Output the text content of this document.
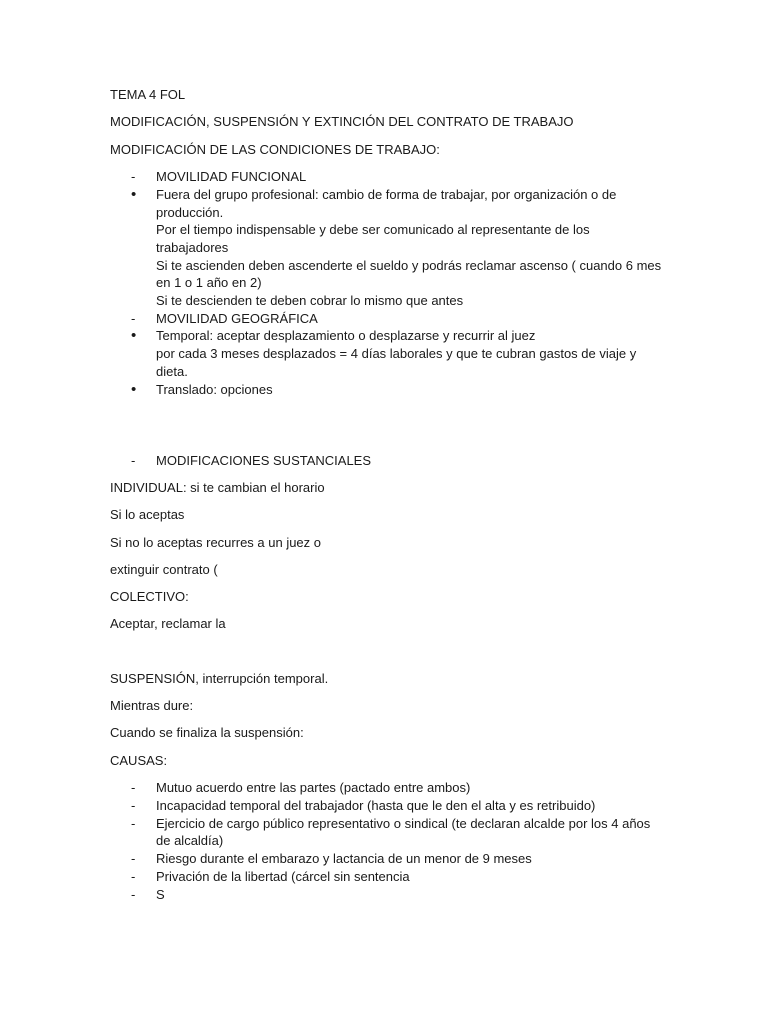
TEMA 4 FOL
MODIFICACIÓN, SUSPENSIÓN Y EXTINCIÓN DEL CONTRATO DE TRABAJO
MODIFICACIÓN DE LAS CONDICIONES DE TRABAJO:
- MOVILIDAD FUNCIONAL
• Fuera del grupo profesional: cambio de forma de trabajar, por organización o de
producción.
Por el tiempo indispensable y debe ser comunicado al representante de los
trabajadores
Si te ascienden deben ascenderte el sueldo y podrás reclamar ascenso ( cuando 6 mes
en 1 o 1 año en 2)
Si te descienden te deben cobrar lo mismo que antes
- MOVILIDAD GEOGRÁFICA
• Temporal: aceptar desplazamiento o desplazarse y recurrir al juez
por cada 3 meses desplazados = 4 días laborales y que te cubran gastos de viaje y
dieta.
• Translado: opciones
- MODIFICACIONES SUSTANCIALES
INDIVIDUAL: si te cambian el horario
Si lo aceptas
Si no lo aceptas recurres a un juez o
extinguir contrato (
COLECTIVO:
Aceptar, reclamar la
SUSPENSIÓN, interrupción temporal.
Mientras dure:
Cuando se finaliza la suspensión:
CAUSAS:
- Mutuo acuerdo entre las partes (pactado entre ambos)
- Incapacidad temporal del trabajador (hasta que le den el alta y es retribuido)
- Ejercicio de cargo público representativo o sindical (te declaran alcalde por los 4 años
de alcaldía)
- Riesgo durante el embarazo y lactancia de un menor de 9 meses
- Privación de la libertad (cárcel sin sentencia
- S
